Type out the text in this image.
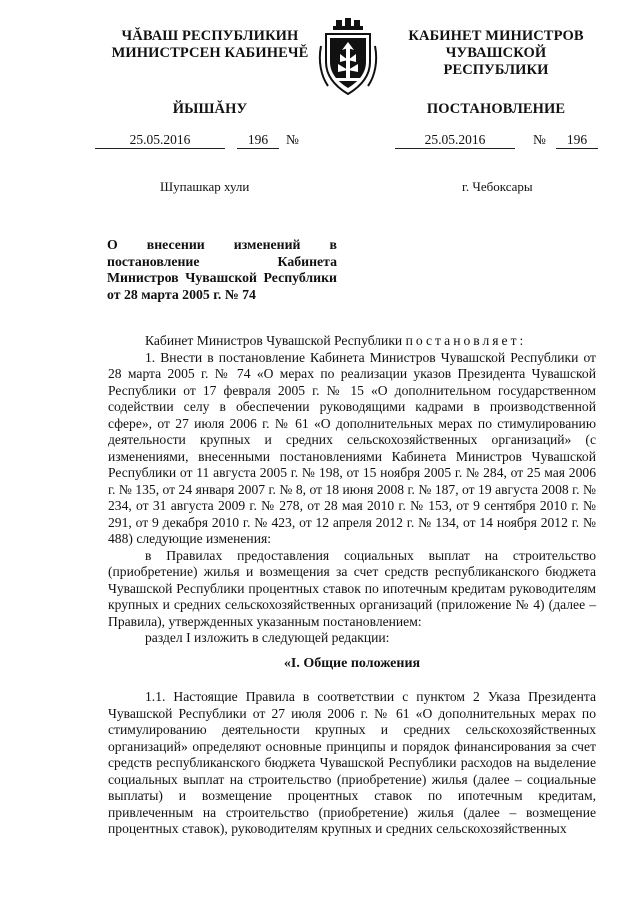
ЧĂВАШ РЕСПУБЛИКИН
МИНИСТРСЕН КАБИНЕЧĔ
ЙЫШĂНУ
КАБИНЕТ МИНИСТРОВ
ЧУВАШСКОЙ РЕСПУБЛИКИ
ПОСТАНОВЛЕНИЕ
25.05.2016	196	№	25.05.2016	№	196
Шупашкар хули	г. Чебоксары
О внесении изменений в постановление Кабинета Министров Чувашской Республики от 28 марта 2005 г. № 74

Кабинет Министров Чувашской Республики постановляет:

1. Внести в постановление Кабинета Министров Чувашской Республики от 28 марта 2005 г. № 74 «О мерах по реализации указов Президента Чувашской Республики от 17 февраля 2005 г. № 15 «О дополнительном государственном содействии селу в обеспечении руководящими кадрами в производственной сфере», от 27 июля 2006 г. № 61 «О дополнительных мерах по стимулированию деятельности крупных и средних сельскохозяйственных организаций» (с изменениями, внесенными постановлениями Кабинета Министров Чувашской Республики от 11 августа 2005 г. № 198, от 15 ноября 2005 г. № 284, от 25 мая 2006 г. № 135, от 24 января 2007 г. № 8, от 18 июня 2008 г. № 187, от 19 августа 2008 г. № 234, от 31 августа 2009 г. № 278, от 28 мая 2010 г. № 153, от 9 сентября 2010 г. № 291, от 9 декабря 2010 г. № 423, от 12 апреля 2012 г. № 134, от 14 ноября 2012 г. № 488) следующие изменения:

в Правилах предоставления социальных выплат на строительство (приобретение) жилья и возмещения за счет средств республиканского бюджета Чувашской Республики процентных ставок по ипотечным кредитам руководителям крупных и средних сельскохозяйственных организаций (приложение № 4) (далее – Правила), утвержденных указанным постановлением:

раздел I изложить в следующей редакции:

«I. Общие положения

1.1. Настоящие Правила в соответствии с пунктом 2 Указа Президента Чувашской Республики от 27 июля 2006 г. № 61 «О дополнительных мерах по стимулированию деятельности крупных и средних сельскохозяйственных организаций» определяют основные принципы и порядок финансирования за счет средств республиканского бюджета Чувашской Республики расходов на выделение социальных выплат на строительство (приобретение) жилья (далее – социальные выплаты) и возмещение процентных ставок по ипотечным кредитам, привлеченным на строительство (приобретение) жилья (далее – возмещение процентных ставок), руководителям крупных и средних сельскохозяйственных
